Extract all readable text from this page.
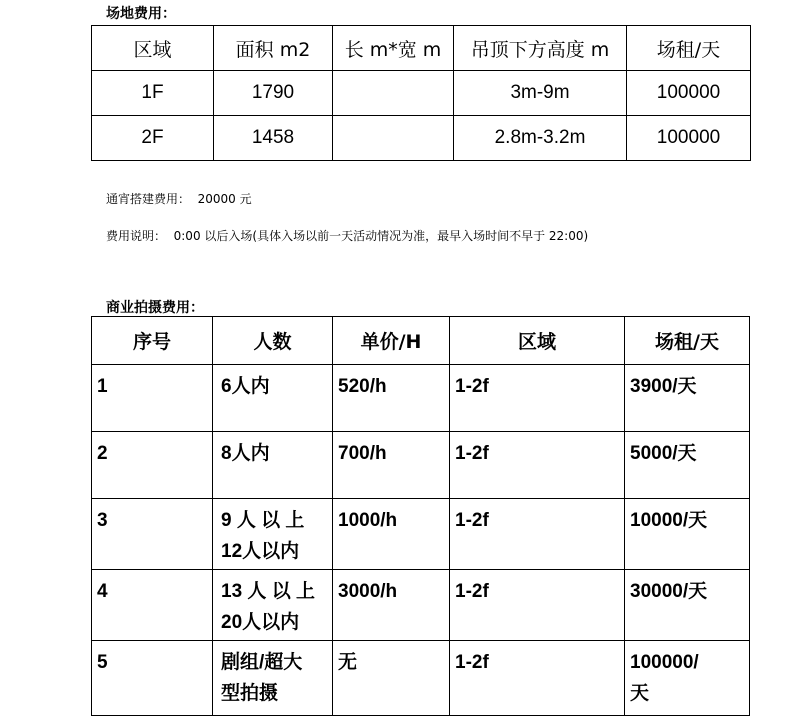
场地费用：
区域	面积 m2	长 m*宽 m	吊顶下方高度 m	场租/天
1F	1790		3m-9m	100000
2F	1458		2.8m-3.2m	100000
通宵搭建费用：  20000 元
费用说明：  0:00 以后入场(具体入场以前一天活动情况为准，最早入场时间不早于 22:00)
商业拍摄费用：
序号	人数	单价/H	区域	场租/天
1	6人内	520/h	1-2f	3900/天

2	8人内	700/h	1-2f	5000/天

3	9 人 以 上
12人以内	1000/h	1-2f	10000/天

4	13 人 以 上
20人以内	3000/h	1-2f	30000/天

5	剧组/超大
型拍摄	无	1-2f	100000/
天
